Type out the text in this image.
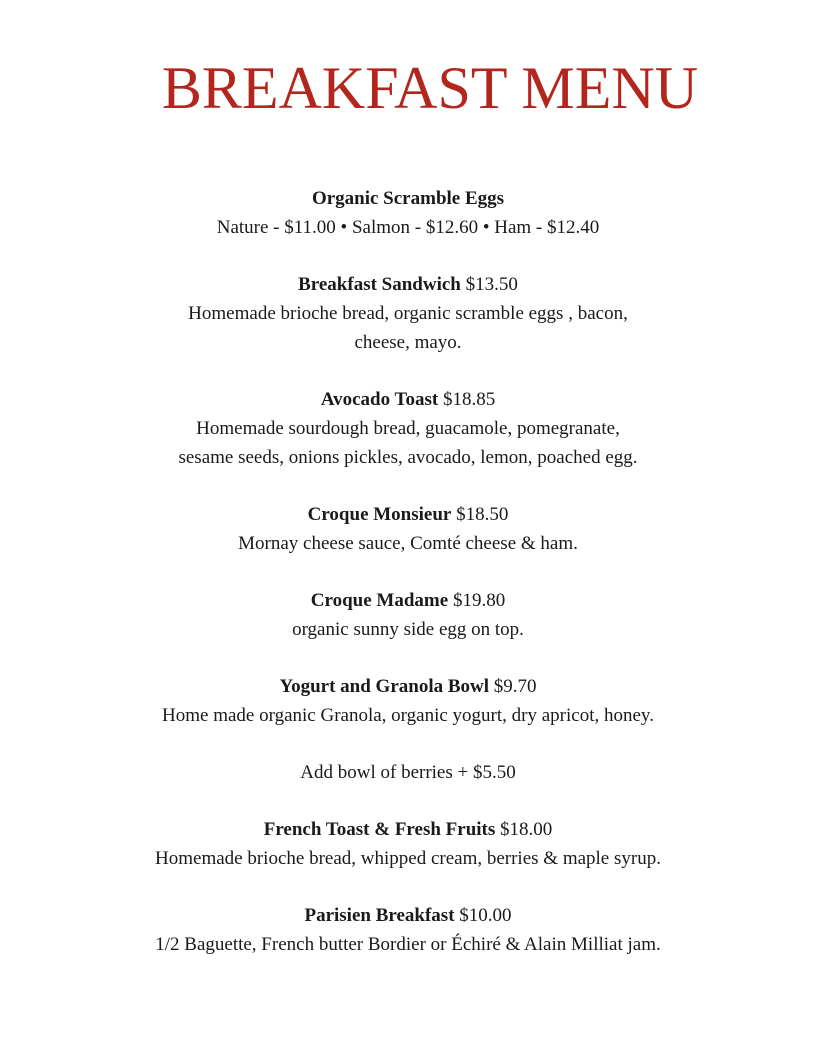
BREAKFAST MENU
Organic Scramble Eggs
Nature - $11.00 • Salmon - $12.60 • Ham - $12.40
Breakfast Sandwich $13.50
Homemade brioche bread, organic scramble eggs , bacon,
cheese, mayo.
Avocado Toast $18.85
Homemade sourdough bread, guacamole, pomegranate,
sesame seeds, onions pickles, avocado, lemon, poached egg.
Croque Monsieur $18.50
Mornay cheese sauce, Comté cheese & ham.
Croque Madame $19.80
organic sunny side egg on top.
Yogurt and Granola Bowl $9.70
Home made organic Granola, organic yogurt, dry apricot, honey.
Add bowl of berries + $5.50
French Toast & Fresh Fruits $18.00
Homemade brioche bread, whipped cream, berries & maple syrup.
Parisien Breakfast $10.00
1/2 Baguette, French butter Bordier or Échiré & Alain Milliat jam.
